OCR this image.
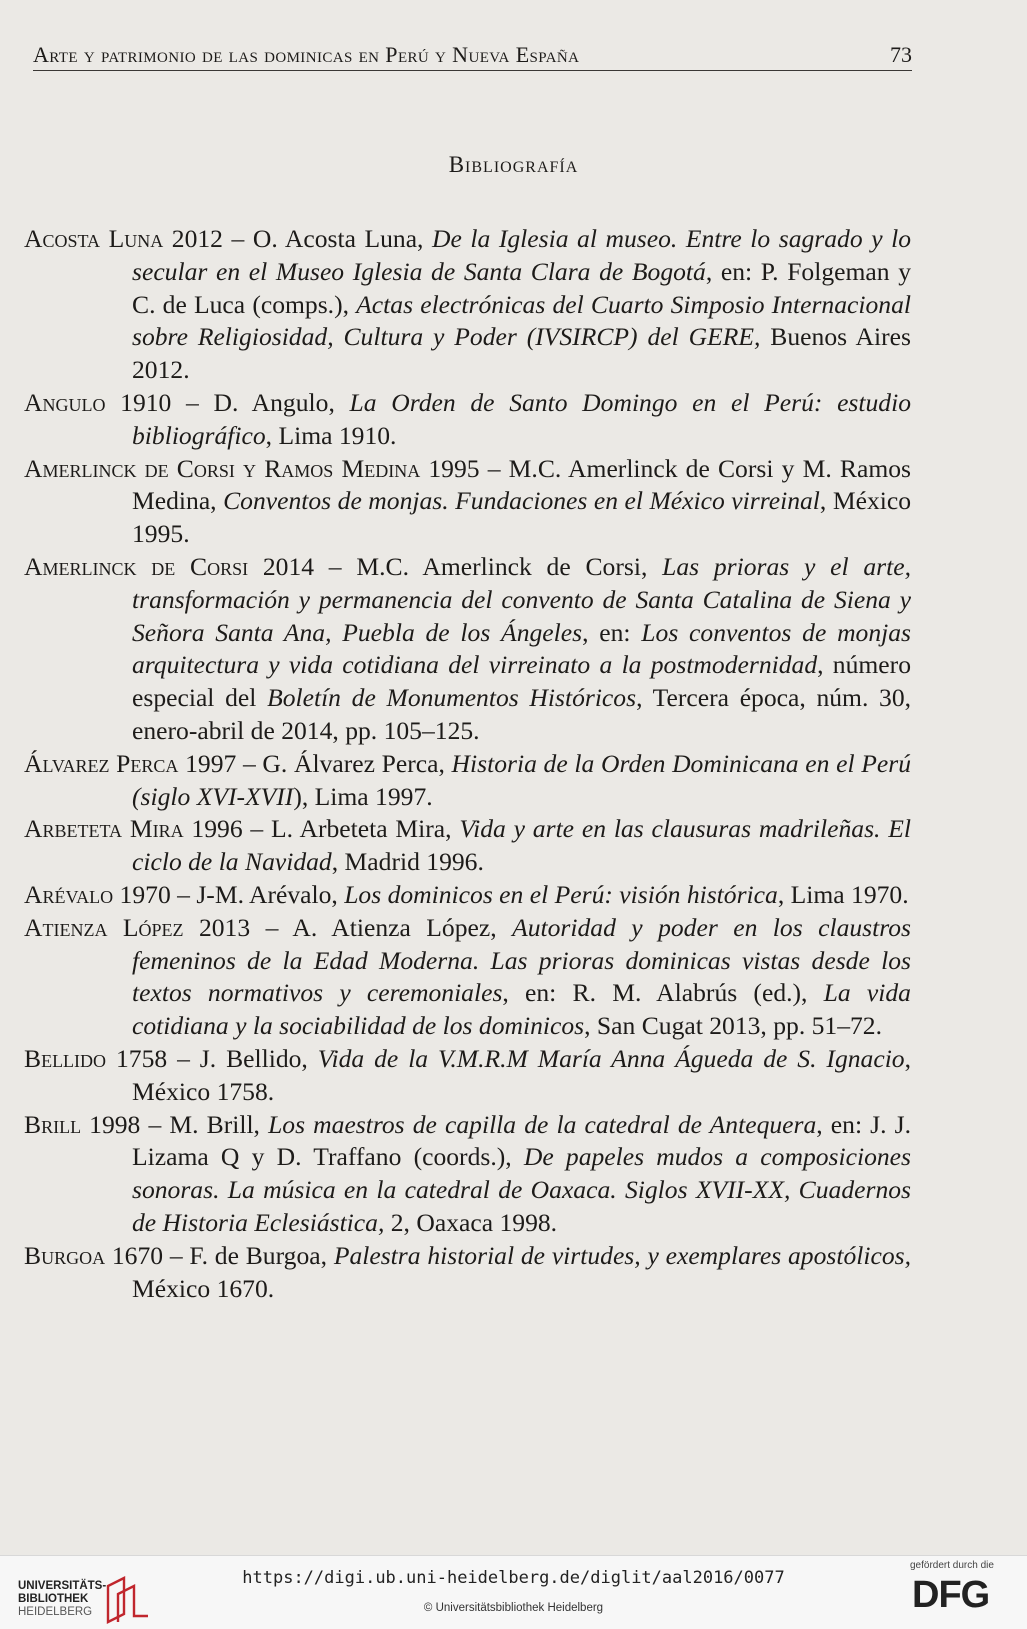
Arte y patrimonio de las dominicas en Perú y Nueva España	73
Bibliografía

Acosta Luna 2012 – O. Acosta Luna, De la Iglesia al museo. Entre lo sagrado y lo secular en el Museo Iglesia de Santa Clara de Bogotá, en: P. Folgeman y C. de Luca (comps.), Actas electrónicas del Cuarto Simposio Internacional sobre Religiosidad, Cultura y Poder (IVSIRCP) del GERE, Buenos Aires 2012.

Angulo 1910 – D. Angulo, La Orden de Santo Domingo en el Perú: estudio bibliográfico, Lima 1910.

Amerlinck de Corsi y Ramos Medina 1995 – M.C. Amerlinck de Corsi y M. Ramos Medina, Conventos de monjas. Fundaciones en el México virreinal, México 1995.

Amerlinck de Corsi 2014 – M.C. Amerlinck de Corsi, Las prioras y el arte, transformación y permanencia del convento de Santa Catalina de Siena y Señora Santa Ana, Puebla de los Ángeles, en: Los conventos de monjas arquitectura y vida cotidiana del virreinato a la postmodernidad, número especial del Boletín de Monumentos Históricos, Tercera época, núm. 30, enero-abril de 2014, pp. 105–125.

Álvarez Perca 1997 – G. Álvarez Perca, Historia de la Orden Dominicana en el Perú (siglo XVI-XVII), Lima 1997.

Arbeteta Mira 1996 – L. Arbeteta Mira, Vida y arte en las clausuras madrileñas. El ciclo de la Navidad, Madrid 1996.

Arévalo 1970 – J-M. Arévalo, Los dominicos en el Perú: visión histórica, Lima 1970.

Atienza López 2013 – A. Atienza López, Autoridad y poder en los claustros femeninos de la Edad Moderna. Las prioras dominicas vistas desde los textos normativos y ceremoniales, en: R. M. Alabrús (ed.), La vida cotidiana y la sociabilidad de los dominicos, San Cugat 2013, pp. 51–72.

Bellido 1758 – J. Bellido, Vida de la V.M.R.M María Anna Águeda de S. Ignacio, México 1758.

Brill 1998 – M. Brill, Los maestros de capilla de la catedral de Antequera, en: J. J. Lizama Q y D. Traffano (coords.), De papeles mudos a composiciones sonoras. La música en la catedral de Oaxaca. Siglos XVII-XX, Cuadernos de Historia Eclesiástica, 2, Oaxaca 1998.

Burgoa 1670 – F. de Burgoa, Palestra historial de virtudes, y exemplares apostólicos, México 1670.

UNIVERSITÄTS-
BIBLIOTHEK
HEIDELBERG
https://digi.ub.uni-heidelberg.de/diglit/aal2016/0077
© Universitätsbibliothek Heidelberg
gefördert durch die
DFG
